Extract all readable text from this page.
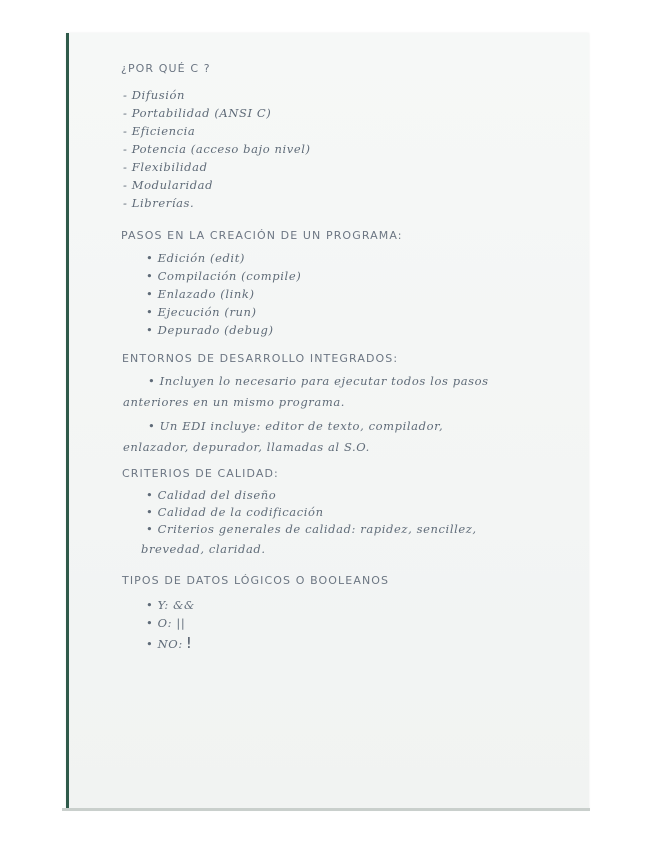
¿POR QUÉ C ?
- Difusión
- Portabilidad (ANSI C)
- Eficiencia
- Potencia (acceso bajo nivel)
- Flexibilidad
- Modularidad
- Librerías.
PASOS EN LA CREACIÓN DE UN PROGRAMA:
• Edición (edit)
• Compilación (compile)
• Enlazado (link)
• Ejecución (run)
• Depurado (debug)
ENTORNOS DE DESARROLLO INTEGRADOS:
• Incluyen lo necesario para ejecutar todos los pasos
anteriores en un mismo programa.
• Un EDI incluye: editor de texto, compilador,
enlazador, depurador, llamadas al S.O.
CRITERIOS DE CALIDAD:
• Calidad del diseño
• Calidad de la codificación
• Criterios generales de calidad: rapidez, sencillez,
brevedad, claridad.
TIPOS DE DATOS LÓGICOS O BOOLEANOS
• Y: &&
• O: ||
• NO: !
